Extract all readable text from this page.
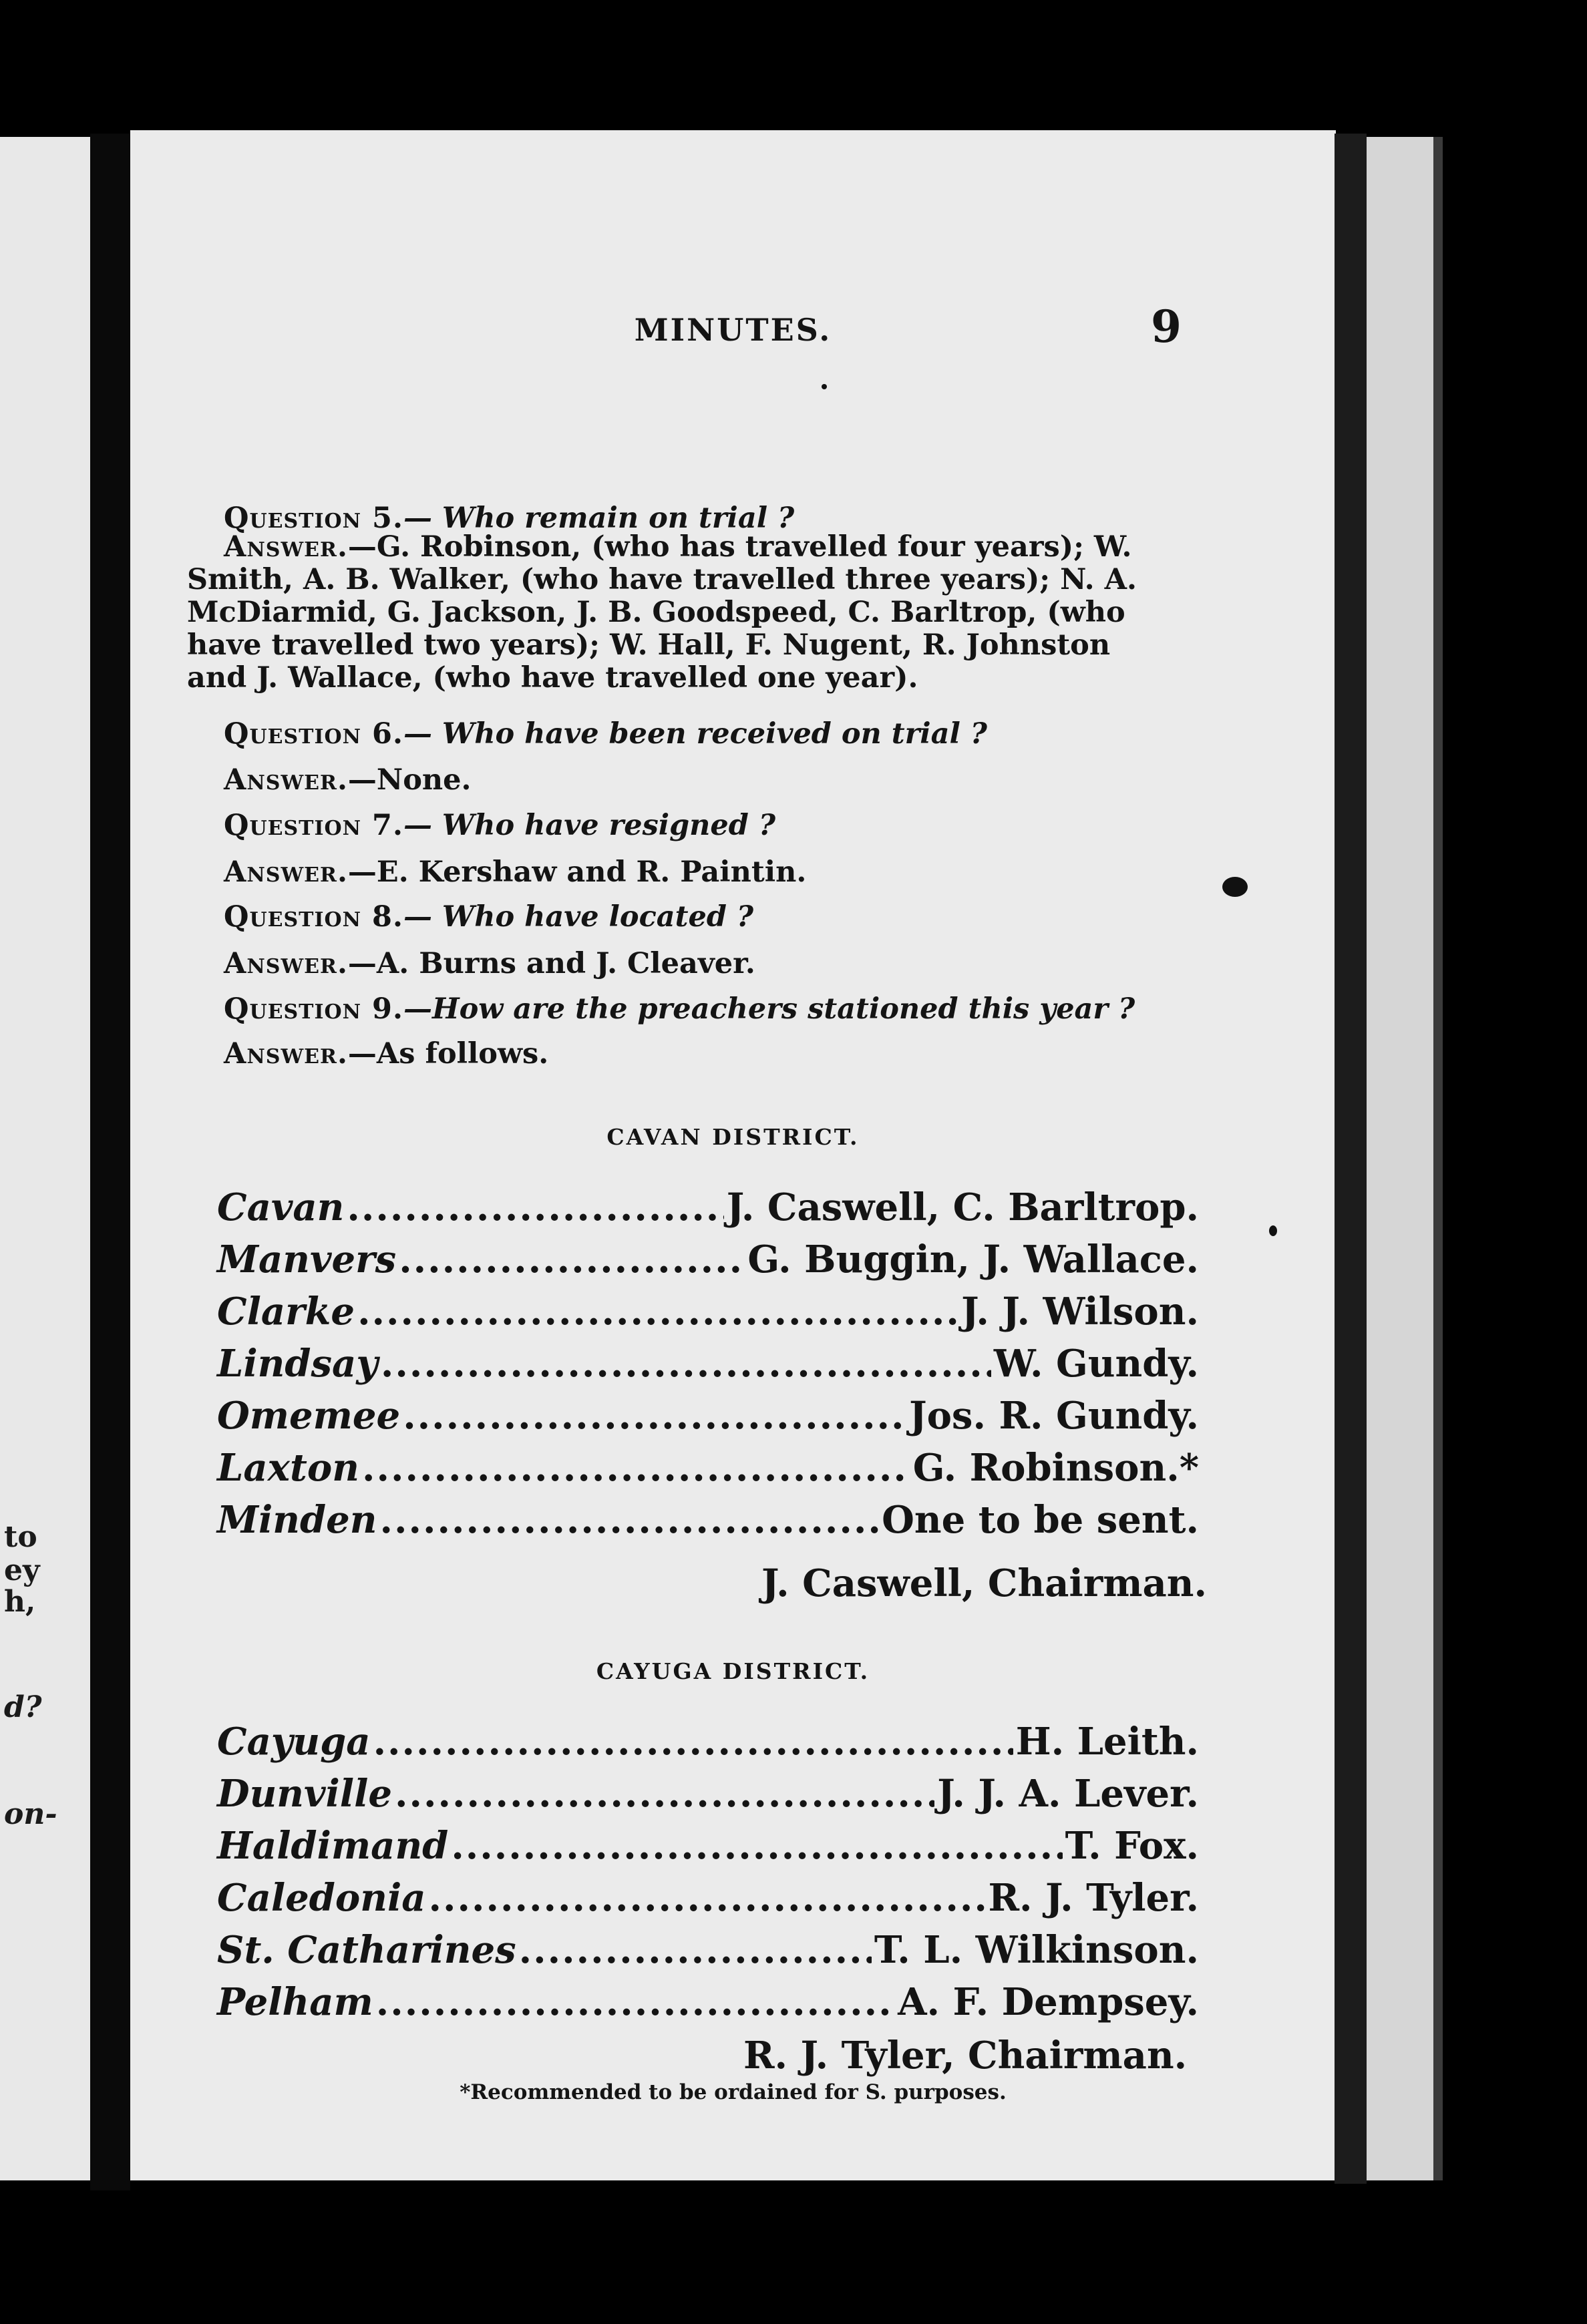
to
ey
h,
d?
on-
MINUTES.	9
Question 5.— Who remain on trial ?
Answer.—G. Robinson, (who has travelled four years); W.
Smith, A. B. Walker, (who have travelled three years); N. A.
McDiarmid, G. Jackson, J. B. Goodspeed, C. Barltrop, (who
have travelled two years); W. Hall, F. Nugent, R. Johnston
and J. Wallace, (who have travelled one year).
Question 6.— Who have been received on trial ?
Answer.—None.
Question 7.— Who have resigned ?
Answer.—E. Kershaw and R. Paintin.
Question 8.— Who have located ?
Answer.—A. Burns and J. Cleaver.
Question 9.—How are the preachers stationed this year ?
Answer.—As follows.
CAVAN DISTRICT.
Cavan .....	J. Caswell, C. Barltrop.
Manvers .....	G. Buggin, J. Wallace.
Clarke .....	J. J. Wilson.
Lindsay .....	W. Gundy.
Omemee .....	Jos. R. Gundy.
Laxton .....	G. Robinson.*
Minden .....	One to be sent.
J. Caswell, Chairman.
CAYUGA DISTRICT.
Cayuga .....	H. Leith.
Dunville .....	J. J. A. Lever.
Haldimand .....	T. Fox.
Caledonia .....	R. J. Tyler.
St. Catharines .....	T. L. Wilkinson.
Pelham .....	A. F. Dempsey.
R. J. Tyler, Chairman.
*Recommended to be ordained for S. purposes.
